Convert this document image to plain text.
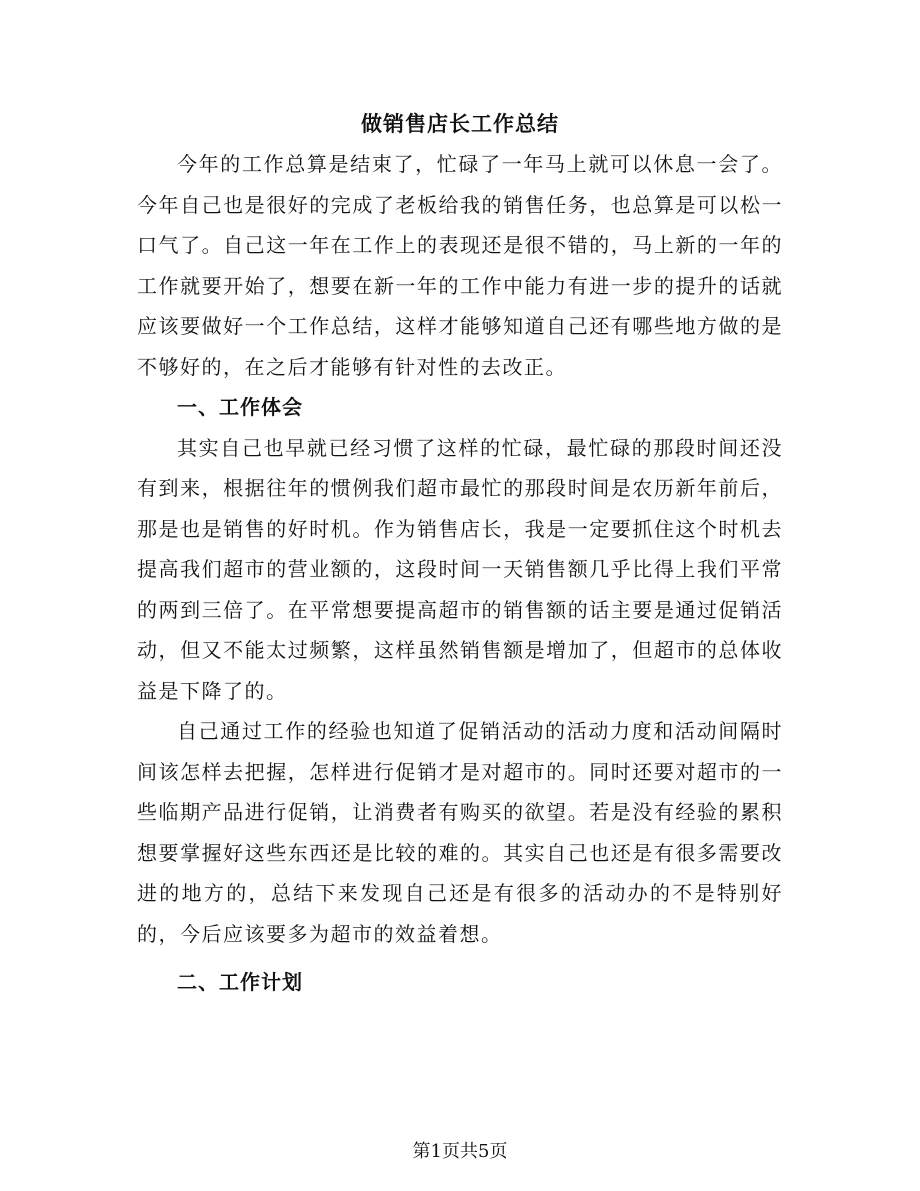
做销售店长工作总结

今年的工作总算是结束了，忙碌了一年马上就可以休息一会了。今年自己也是很好的完成了老板给我的销售任务，也总算是可以松一口气了。自己这一年在工作上的表现还是很不错的，马上新的一年的工作就要开始了，想要在新一年的工作中能力有进一步的提升的话就应该要做好一个工作总结，这样才能够知道自己还有哪些地方做的是不够好的，在之后才能够有针对性的去改正。

一、工作体会

其实自己也早就已经习惯了这样的忙碌，最忙碌的那段时间还没有到来，根据往年的惯例我们超市最忙的那段时间是农历新年前后，那是也是销售的好时机。作为销售店长，我是一定要抓住这个时机去提高我们超市的营业额的，这段时间一天销售额几乎比得上我们平常的两到三倍了。在平常想要提高超市的销售额的话主要是通过促销活动，但又不能太过频繁，这样虽然销售额是增加了，但超市的总体收益是下降了的。

自己通过工作的经验也知道了促销活动的活动力度和活动间隔时间该怎样去把握，怎样进行促销才是对超市的。同时还要对超市的一些临期产品进行促销，让消费者有购买的欲望。若是没有经验的累积想要掌握好这些东西还是比较的难的。其实自己也还是有很多需要改进的地方的，总结下来发现自己还是有很多的活动办的不是特别好的，今后应该要多为超市的效益着想。

二、工作计划

第1页共5页
